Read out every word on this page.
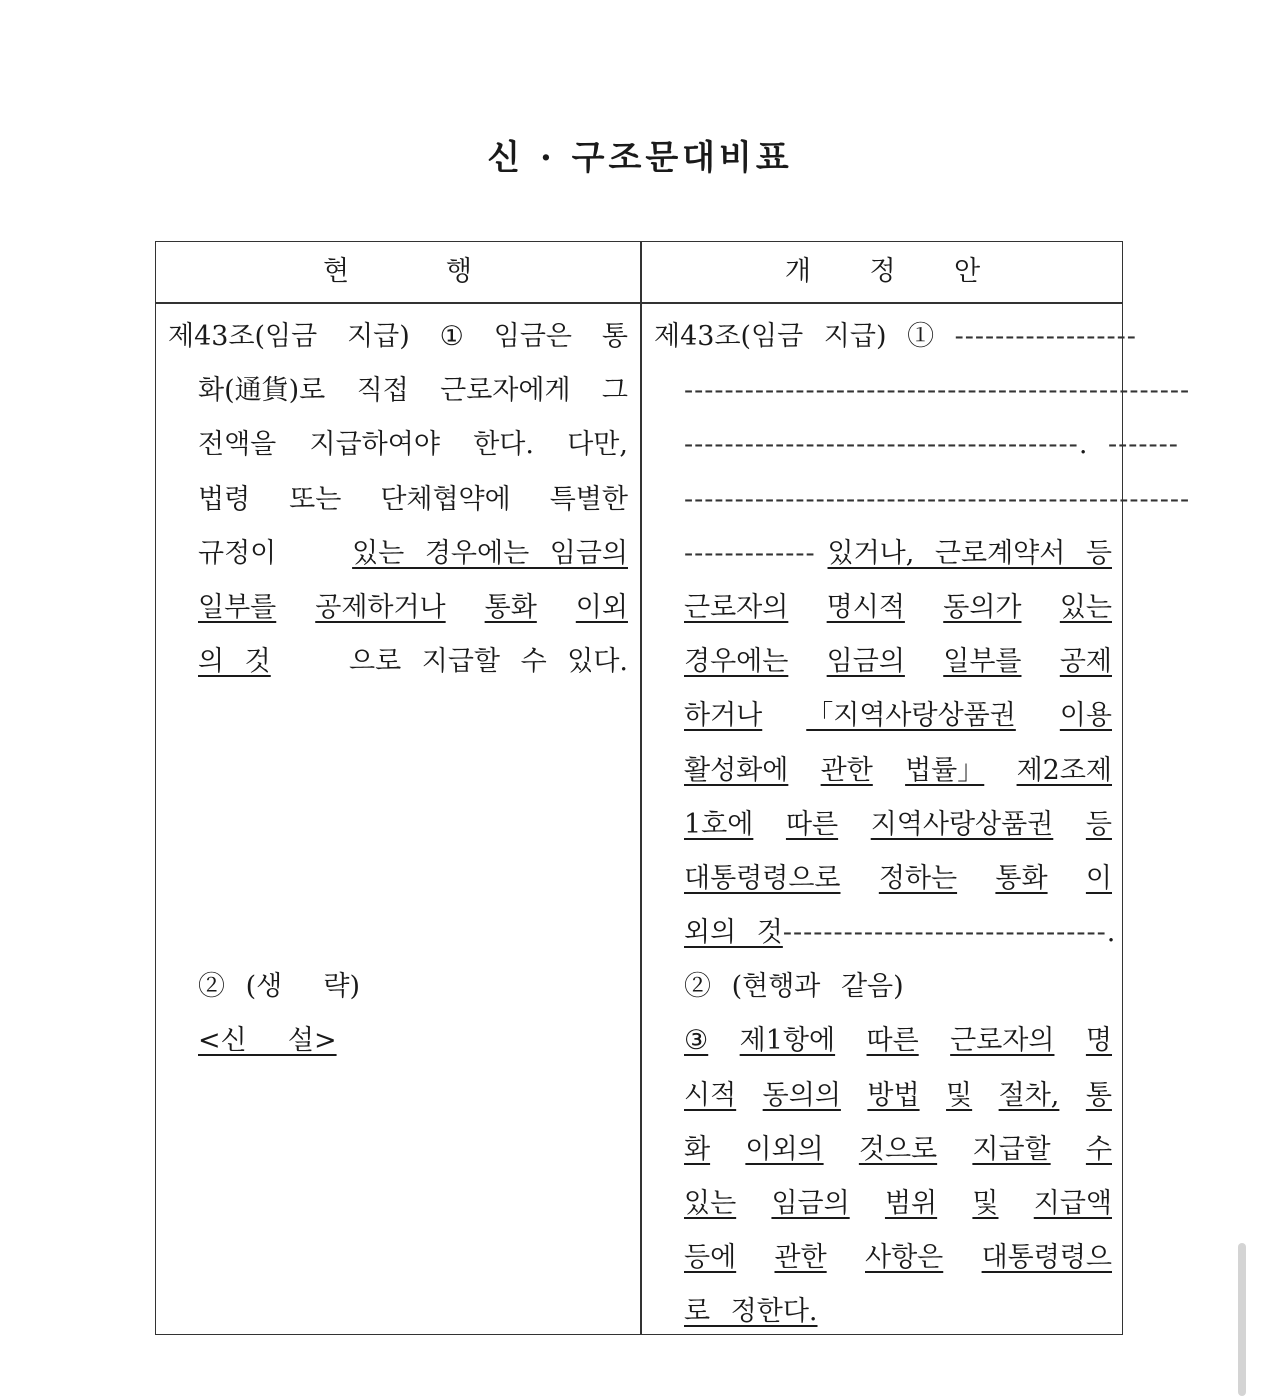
신 · 구조문대비표
현          행	개      정      안
제43조(임금 지급) ① 임금은 통
화(通貨)로 직접 근로자에게 그
전액을 지급하여야 한다. 다만,
법령 또는 단체협약에 특별한
규정이 있는 경우에는 임금의
일부를 공제하거나 통화 이외
의 것	으로 지급할 수 있다.
② (생  략)
<신  설>
제43조(임금 지급) ① ------------------
--------------------------------------------------
--------------------------------------- . -------
--------------------------------------------------
------------- 있거나, 근로계약서 등
근로자의 명시적 동의가 있는
경우에는 임금의 일부를 공제
하거나 「지역사랑상품권 이용
활성화에 관한 법률」 제2조제
1호에 따른 지역사랑상품권 등
대통령령으로 정하는 통화 이
외의 것 -------------------------------- .
② (현행과 같음)
③ 제1항에 따른 근로자의 명
시적 동의의 방법 및 절차, 통
화 이외의 것으로 지급할 수
있는 임금의 범위 및 지급액
등에 관한 사항은 대통령령으
로 정한다.
